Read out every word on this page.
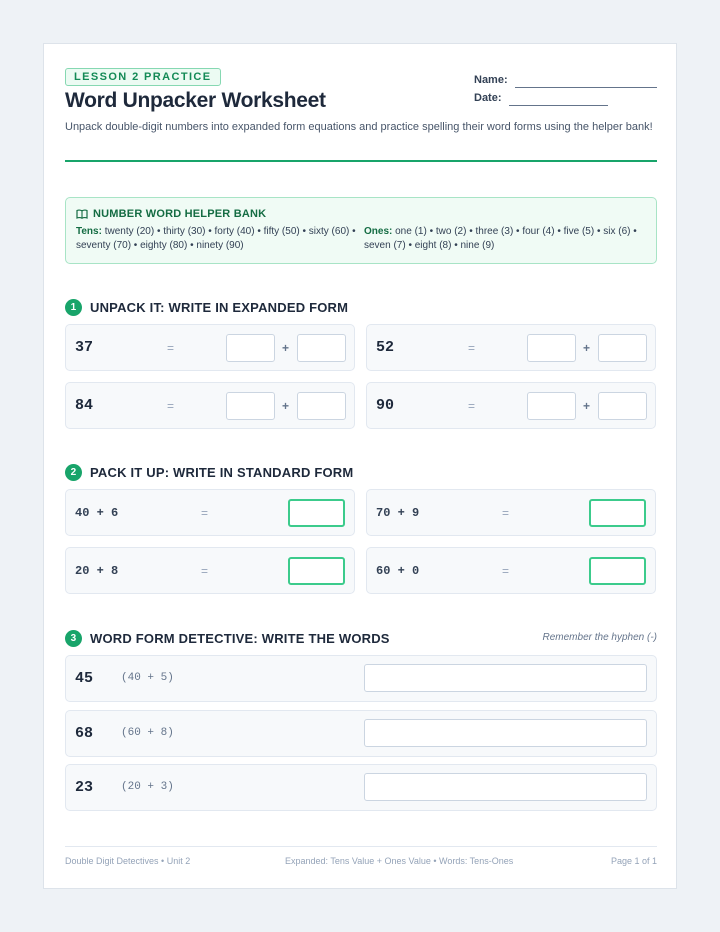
LESSON 2 PRACTICE
Word Unpacker Worksheet
Name:
Date:
Unpack double-digit numbers into expanded form equations and practice spelling their word forms using the helper bank!
NUMBER WORD HELPER BANK
Tens: twenty (20) • thirty (30) • forty (40) • fifty (50) • sixty (60) • seventy (70) • eighty (80) • ninety (90)
Ones: one (1) • two (2) • three (3) • four (4) • five (5) • six (6) • seven (7) • eight (8) • nine (9)
1	UNPACK IT: WRITE IN EXPANDED FORM
37	=	+	52	=	+
84	=	+	90	=	+
2	PACK IT UP: WRITE IN STANDARD FORM
40 + 6	=	70 + 9	=
20 + 8	=	60 + 0	=
3	WORD FORM DETECTIVE: WRITE THE WORDS	Remember the hyphen (-)
45	(40 + 5)
68	(60 + 8)
23	(20 + 3)
Double Digit Detectives • Unit 2	Expanded: Tens Value + Ones Value • Words: Tens-Ones	Page 1 of 1
